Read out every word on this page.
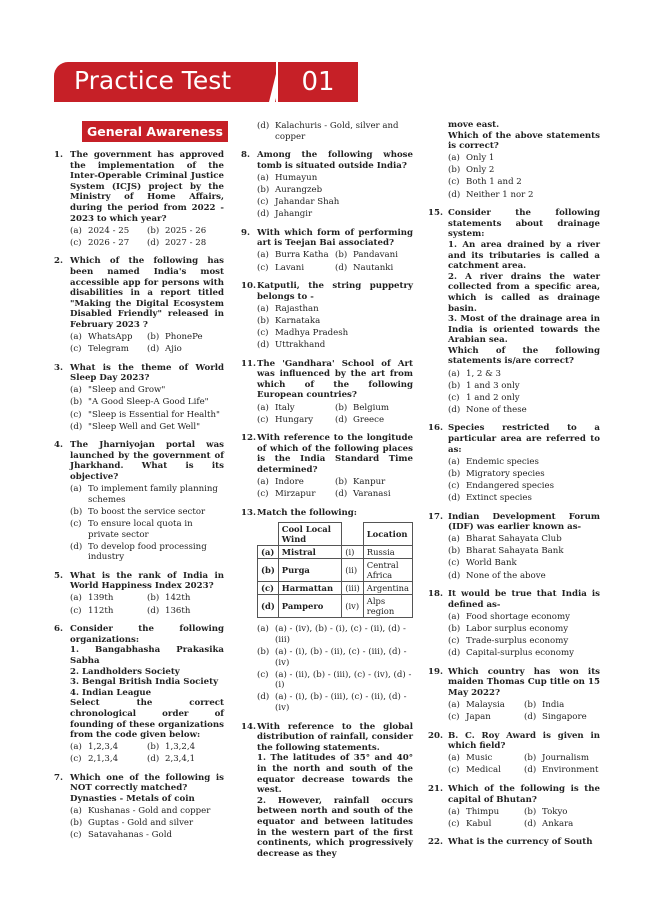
Practice Test	01
General Awareness
1. The government has approved the implementation of the Inter-Operable Criminal Justice System (ICJS) project by the Ministry of Home Affairs, during the period from 2022 - 2023 to which year?
(a) 2024 - 25	(b) 2025 - 26
(c) 2026 - 27	(d) 2027 - 28
2. Which of the following has been named India's most accessible app for persons with disabilities in a report titled "Making the Digital Ecosystem Disabled Friendly" released in February 2023 ?
(a) WhatsApp	(b) PhonePe
(c) Telegram	(d) Ajio
3. What is the theme of World Sleep Day 2023?
(a) "Sleep and Grow"
(b) "A Good Sleep-A Good Life"
(c) "Sleep is Essential for Health"
(d) "Sleep Well and Get Well"
4. The Jharniyojan portal was launched by the government of Jharkhand. What is its objective?
(a) To implement family planning schemes
(b) To boost the service sector
(c) To ensure local quota in private sector
(d) To develop food processing industry
5. What is the rank of India in World Happiness Index 2023?
(a) 139th	(b) 142th
(c) 112th	(d) 136th
6. Consider the following organizations:
1. Bangabhasha Prakasika Sabha
2. Landholders Society
3. Bengal British India Society
4. Indian League
Select the correct chronological order of founding of these organizations from the code given below:
(a) 1,2,3,4	(b) 1,3,2,4
(c) 2,1,3,4	(d) 2,3,4,1
7. Which one of the following is NOT correctly matched?
Dynasties - Metals of coin
(a) Kushanas - Gold and copper
(b) Guptas - Gold and silver
(c) Satavahanas - Gold
(d) Kalachuris - Gold, silver and copper
8. Among the following whose tomb is situated outside India?
(a) Humayun
(b) Aurangzeb
(c) Jahandar Shah
(d) Jahangir
9. With which form of performing art is Teejan Bai associated?
(a) Burra Katha (b) Pandavani
(c) Lavani	(d) Nautanki
10. Katputli, the string puppetry belongs to -
(a) Rajasthan
(b) Karnataka
(c) Madhya Pradesh
(d) Uttrakhand
11. The 'Gandhara' School of Art was influenced by the art from which of the following European countries?
(a) Italy	(b) Belgium
(c) Hungary	(d) Greece
12. With reference to the longitude of which of the following places is the India Standard Time determined?
(a) Indore	(b) Kanpur
(c) Mirzapur	(d) Varanasi
13. Match the following:
	Cool Local Wind		Location
(a)	Mistral	(i)	Russia
(b)	Purga	(ii)	Central Africa
(c)	Harmattan	(iii)	Argentina
(d)	Pampero	(iv)	Alps region
(a) (a) - (iv), (b) - (i), (c) - (ii), (d) - (iii)
(b) (a) - (i), (b) - (ii), (c) - (iii), (d) - (iv)
(c) (a) - (ii), (b) - (iii), (c) - (iv), (d) - (i)
(d) (a) - (i), (b) - (iii), (c) - (ii), (d) - (iv)
14. With reference to the global distribution of rainfall, consider the following statements.
1. The latitudes of 35° and 40° in the north and south of the equator decrease towards the west.
2. However, rainfall occurs between north and south of the equator and between latitudes in the western part of the first continents, which progressively decrease as they
move east.
Which of the above statements is correct?
(a) Only 1
(b) Only 2
(c) Both 1 and 2
(d) Neither 1 nor 2
15. Consider the following statements about drainage system:
1. An area drained by a river and its tributaries is called a catchment area.
2. A river drains the water collected from a specific area, which is called as drainage basin.
3. Most of the drainage area in India is oriented towards the Arabian sea.
Which of the following statements is/are correct?
(a) 1, 2 & 3
(b) 1 and 3 only
(c) 1 and 2 only
(d) None of these
16. Species restricted to a particular area are referred to as:
(a) Endemic species
(b) Migratory species
(c) Endangered species
(d) Extinct species
17. Indian Development Forum (IDF) was earlier known as-
(a) Bharat Sahayata Club
(b) Bharat Sahayata Bank
(c) World Bank
(d) None of the above
18. It would be true that India is defined as-
(a) Food shortage economy
(b) Labor surplus economy
(c) Trade-surplus economy
(d) Capital-surplus economy
19. Which country has won its maiden Thomas Cup title on 15 May 2022?
(a) Malaysia	(b) India
(c) Japan	(d) Singapore
20. B. C. Roy Award is given in which field?
(a) Music	(b) Journalism
(c) Medical	(d) Environment
21. Which of the following is the capital of Bhutan?
(a) Thimpu	(b) Tokyo
(c) Kabul	(d) Ankara
22. What is the currency of South
